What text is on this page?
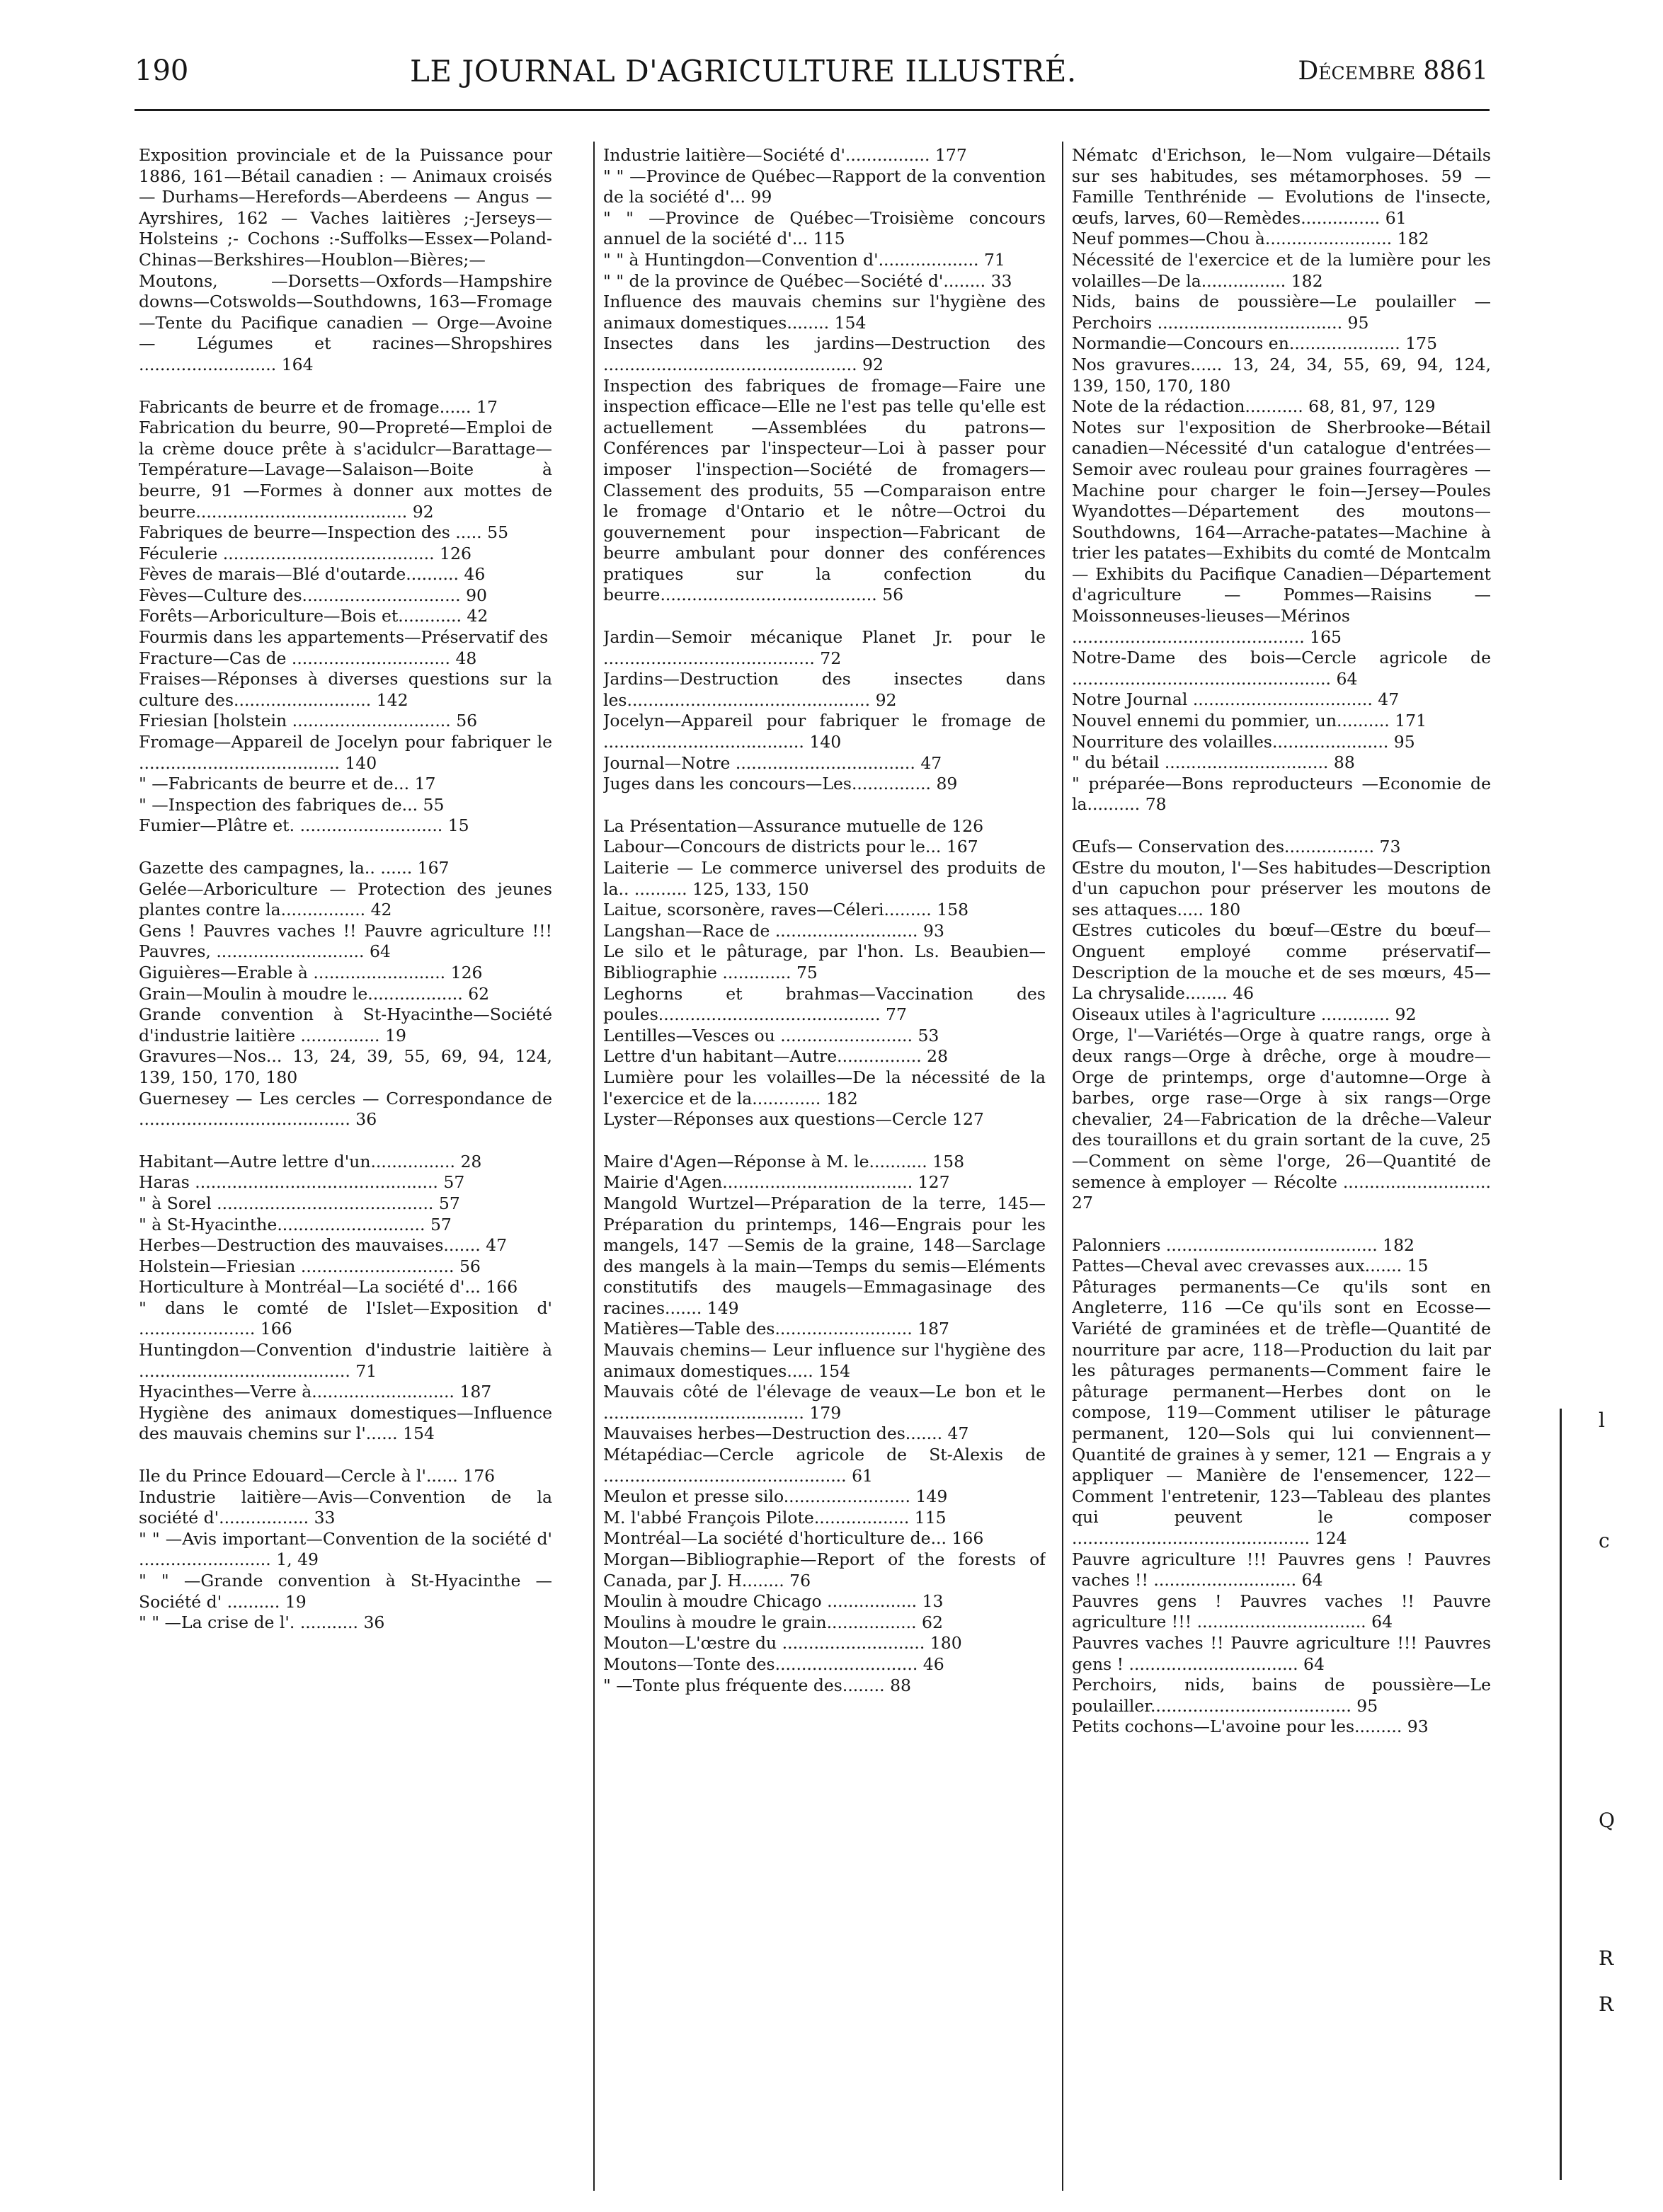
190	LE JOURNAL D'AGRICULTURE ILLUSTRÉ.	Décembre 8861

Exposition provinciale et de la Puissance pour 1886, 161—Bétail canadien : — Animaux croisés — Durhams—Herefords—Aberdeens — Angus — Ayrshires, 162 — Vaches laitières ;-Jerseys—Holsteins ;- Cochons :-Suffolks—Essex—Poland-Chinas—Berkshires—Houblon—Bières;—Moutons, —Dorsetts—Oxfords—Hampshire downs—Cotswolds—Southdowns, 163—Fromage —Tente du Pacifique canadien — Orge—Avoine— Légumes et racines—Shropshires .......................... 164

Fabricants de beurre et de fromage...... 17

Fabrication du beurre, 90—Propreté—Emploi de la crème douce prête à s'acidulcr—Barattage—Température—Lavage—Salaison—Boite à beurre, 91 —Formes à donner aux mottes de beurre........................................ 92

Fabriques de beurre—Inspection des ..... 55

Féculerie ........................................ 126

Fèves de marais—Blé d'outarde.......... 46

Fèves—Culture des.............................. 90

Forêts—Arboriculture—Bois et............ 42

Fourmis dans les appartements—Préservatif des

Fracture—Cas de .............................. 48

Fraises—Réponses à diverses questions sur la culture des.......................... 142

Friesian [holstein .............................. 56

Fromage—Appareil de Jocelyn pour fabriquer le ...................................... 140

" —Fabricants de beurre et de... 17

" —Inspection des fabriques de... 55

Fumier—Plâtre et. ........................... 15

Gazette des campagnes, la.. ...... 167

Gelée—Arboriculture — Protection des jeunes plantes contre la................ 42

Gens ! Pauvres vaches !! Pauvre agriculture !!! Pauvres, ............................ 64

Giguières—Erable à ......................... 126

Grain—Moulin à moudre le.................. 62

Grande convention à St-Hyacinthe—Société d'industrie laitière ............... 19

Gravures—Nos... 13, 24, 39, 55, 69, 94, 124, 139, 150, 170, 180

Guernesey — Les cercles — Correspondance de ........................................ 36

Habitant—Autre lettre d'un................ 28

Haras .............................................. 57

" à Sorel ......................................... 57

" à St-Hyacinthe............................ 57

Herbes—Destruction des mauvaises....... 47

Holstein—Friesian ............................. 56

Horticulture à Montréal—La société d'... 166

" dans le comté de l'Islet—Exposition d' ...................... 166

Huntingdon—Convention d'industrie laitière à ........................................ 71

Hyacinthes—Verre à........................... 187

Hygiène des animaux domestiques—Influence des mauvais chemins sur l'...... 154

Ile du Prince Edouard—Cercle à l'...... 176

Industrie laitière—Avis—Convention de la société d'................. 33

" " —Avis important—Convention de la société d' ......................... 1, 49

" " —Grande convention à St-Hyacinthe — Société d' .......... 19

" " —La crise de l'. ........... 36

Industrie laitière—Société d'................ 177

" " —Province de Québec—Rapport de la convention de la société d'... 99

" " —Province de Québec—Troisième concours annuel de la société d'... 115

" " à Huntingdon—Convention d'................... 71

" " de la province de Québec—Société d'........ 33

Influence des mauvais chemins sur l'hygiène des animaux domestiques........ 154

Insectes dans les jardins—Destruction des ................................................ 92

Inspection des fabriques de fromage—Faire une inspection efficace—Elle ne l'est pas telle qu'elle est actuellement —Assemblées du patrons—Conférences par l'inspecteur—Loi à passer pour imposer l'inspection—Société de fromagers—Classement des produits, 55 —Comparaison entre le fromage d'Ontario et le nôtre—Octroi du gouvernement pour inspection—Fabricant de beurre ambulant pour donner des conférences pratiques sur la confection du beurre......................................... 56

Jardin—Semoir mécanique Planet Jr. pour le ........................................ 72

Jardins—Destruction des insectes dans les.............................................. 92

Jocelyn—Appareil pour fabriquer le fromage de ...................................... 140

Journal—Notre .................................. 47

Juges dans les concours—Les............... 89

La Présentation—Assurance mutuelle de 126

Labour—Concours de districts pour le... 167

Laiterie — Le commerce universel des produits de la.. .......... 125, 133, 150

Laitue, scorsonère, raves—Céleri......... 158

Langshan—Race de ........................... 93

Le silo et le pâturage, par l'hon. Ls. Beaubien—Bibliographie ............. 75

Leghorns et brahmas—Vaccination des poules.......................................... 77

Lentilles—Vesces ou ......................... 53

Lettre d'un habitant—Autre................ 28

Lumière pour les volailles—De la nécessité de la l'exercice et de la............. 182

Lyster—Réponses aux questions—Cercle 127

Maire d'Agen—Réponse à M. le........... 158

Mairie d'Agen.................................... 127

Mangold Wurtzel—Préparation de la terre, 145—Préparation du printemps, 146—Engrais pour les mangels, 147 —Semis de la graine, 148—Sarclage des mangels à la main—Temps du semis—Eléments constitutifs des maugels—Emmagasinage des racines....... 149

Matières—Table des.......................... 187

Mauvais chemins— Leur influence sur l'hygiène des animaux domestiques..... 154

Mauvais côté de l'élevage de veaux—Le bon et le ...................................... 179

Mauvaises herbes—Destruction des....... 47

Métapédiac—Cercle agricole de St-Alexis de .............................................. 61

Meulon et presse silo........................ 149

M. l'abbé François Pilote.................. 115

Montréal—La société d'horticulture de... 166

Morgan—Bibliographie—Report of the forests of Canada, par J. H........ 76

Moulin à moudre Chicago ................. 13

Moulins à moudre le grain................. 62

Mouton—L'œstre du ........................... 180

Moutons—Tonte des........................... 46

" —Tonte plus fréquente des........ 88

Nématc d'Erichson, le—Nom vulgaire—Détails sur ses habitudes, ses métamorphoses. 59 — Famille Tenthrénide — Evolutions de l'insecte, œufs, larves, 60—Remèdes............... 61

Neuf pommes—Chou à........................ 182

Nécessité de l'exercice et de la lumière pour les volailles—De la................ 182

Nids, bains de poussière—Le poulailler —Perchoirs ................................... 95

Normandie—Concours en..................... 175

Nos gravures...... 13, 24, 34, 55, 69, 94, 124, 139, 150, 170, 180

Note de la rédaction........... 68, 81, 97, 129

Notes sur l'exposition de Sherbrooke—Bétail canadien—Nécessité d'un catalogue d'entrées—Semoir avec rouleau pour graines fourragères — Machine pour charger le foin—Jersey—Poules Wyandottes—Département des moutons—Southdowns, 164—Arrache-patates—Machine à trier les patates—Exhibits du comté de Montcalm — Exhibits du Pacifique Canadien—Département d'agriculture — Pommes—Raisins — Moissonneuses-lieuses—Mérinos ............................................ 165

Notre-Dame des bois—Cercle agricole de ................................................. 64

Notre Journal .................................. 47

Nouvel ennemi du pommier, un.......... 171

Nourriture des volailles...................... 95

" du bétail ............................... 88

" préparée—Bons reproducteurs —Economie de la.......... 78

Œufs— Conservation des................. 73

Œstre du mouton, l'—Ses habitudes—Description d'un capuchon pour préserver les moutons de ses attaques..... 180

Œstres cuticoles du bœuf—Œstre du bœuf—Onguent employé comme préservatif—Description de la mouche et de ses mœurs, 45—La chrysalide........ 46

Oiseaux utiles à l'agriculture ............. 92

Orge, l'—Variétés—Orge à quatre rangs, orge à deux rangs—Orge à drêche, orge à moudre—Orge de printemps, orge d'automne—Orge à barbes, orge rase—Orge à six rangs—Orge chevalier, 24—Fabrication de la drêche—Valeur des touraillons et du grain sortant de la cuve, 25—Comment on sème l'orge, 26—Quantité de semence à employer — Récolte ............................ 27

Palonniers ........................................ 182

Pattes—Cheval avec crevasses aux....... 15

Pâturages permanents—Ce qu'ils sont en Angleterre, 116 —Ce qu'ils sont en Ecosse—Variété de graminées et de trèfle—Quantité de nourriture par acre, 118—Production du lait par les pâturages permanents—Comment faire le pâturage permanent—Herbes dont on le compose, 119—Comment utiliser le pâturage permanent, 120—Sols qui lui conviennent—Quantité de graines à y semer, 121 — Engrais a y appliquer — Manière de l'ensemencer, 122—Comment l'entretenir, 123—Tableau des plantes qui peuvent le composer ............................................. 124

Pauvre agriculture !!! Pauvres gens ! Pauvres vaches !! ........................... 64

Pauvres gens ! Pauvres vaches !! Pauvre agriculture !!! ................................ 64

Pauvres vaches !! Pauvre agriculture !!! Pauvres gens ! ................................ 64

Perchoirs, nids, bains de poussière—Le poulailler...................................... 95

Petits cochons—L'avoine pour les......... 93

l
c
Q
R
R
